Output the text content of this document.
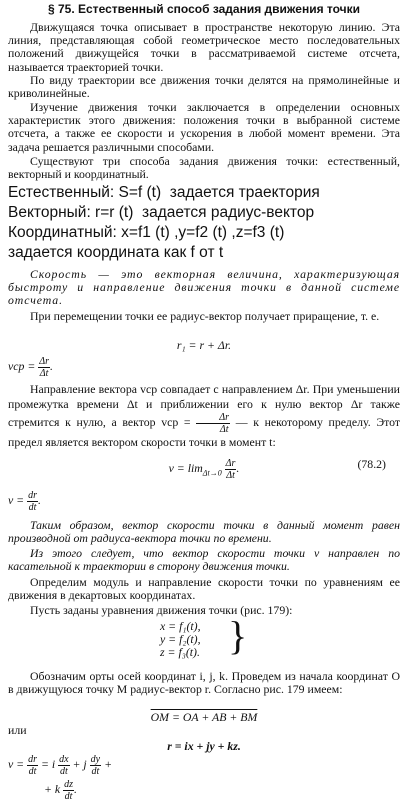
§ 75. Естественный способ задания движения точки

Движущаяся точка описывает в пространстве некоторую линию. Эта линия, представляющая собой геометрическое место последовательных положений движущейся точки в рассматриваемой системе отсчета, называется траекторией точки.

По виду траектории все движения точки делятся на прямолинейные и криволинейные.

Изучение движения точки заключается в определении основных характеристик этого движения: положения точки в выбранной системе отсчета, а также ее скорости и ускорения в любой момент времени. Эта задача решается различными способами.

Существуют три способа задания движения точки: естественный, векторный и координатный.

Естественный: S=f (t)  задается траектория
Векторный: r=r (t)  задается радиус-вектор
Координатный: x=f1 (t) ,y=f2 (t) ,z=f3 (t)
задается координата как f от t

Скорость — это векторная величина, характеризующая быстроту и направление движения точки в данной системе отсчета.

При перемещении точки ее радиус-вектор получает приращение, т. е.

r₁ = r + Δr.
vср = $\frac{\Delta r}{\Delta t}$ .

Направление вектора vср совпадает с направлением Δr. При уменьшении промежутка времени Δt и приближении его к нулю вектор Δr также стремится к нулю, а вектор vср = $\frac{\Delta r}{\Delta t}$ — к некоторому пределу. Этот предел является вектором скорости точки в момент t:

$v = \lim_{\Delta t\to 0} \frac{\Delta r}{\Delta t}$ .	(78.2)
$v = \frac{dr}{dt}$ .

Таким образом, вектор скорости точки в данный момент равен производной от радиуса-вектора точки по времени.

Из этого следует, что вектор скорости точки v направлен по касательной к траектории в сторону движения точки.

Определим модуль и направление скорости точки по уравнениям ее движения в декартовых координатах.

Пусть заданы уравнения движения точки (рис. 179):

x = f₁(t),
y = f₂(t),
z = f₃(t). }

Обозначим орты осей координат i, j, k. Проведем из начала координат O в движущуюся точку M радиус-вектор r. Согласно рис. 179 имеем:

OM = OA + AB + BM
или
r = ix + jy + kz.
$v = \frac{dr}{dt} = i \frac{dx}{dt} + j \frac{dy}{dt}$ +
+ k $\frac{dz}{dt}$ .
